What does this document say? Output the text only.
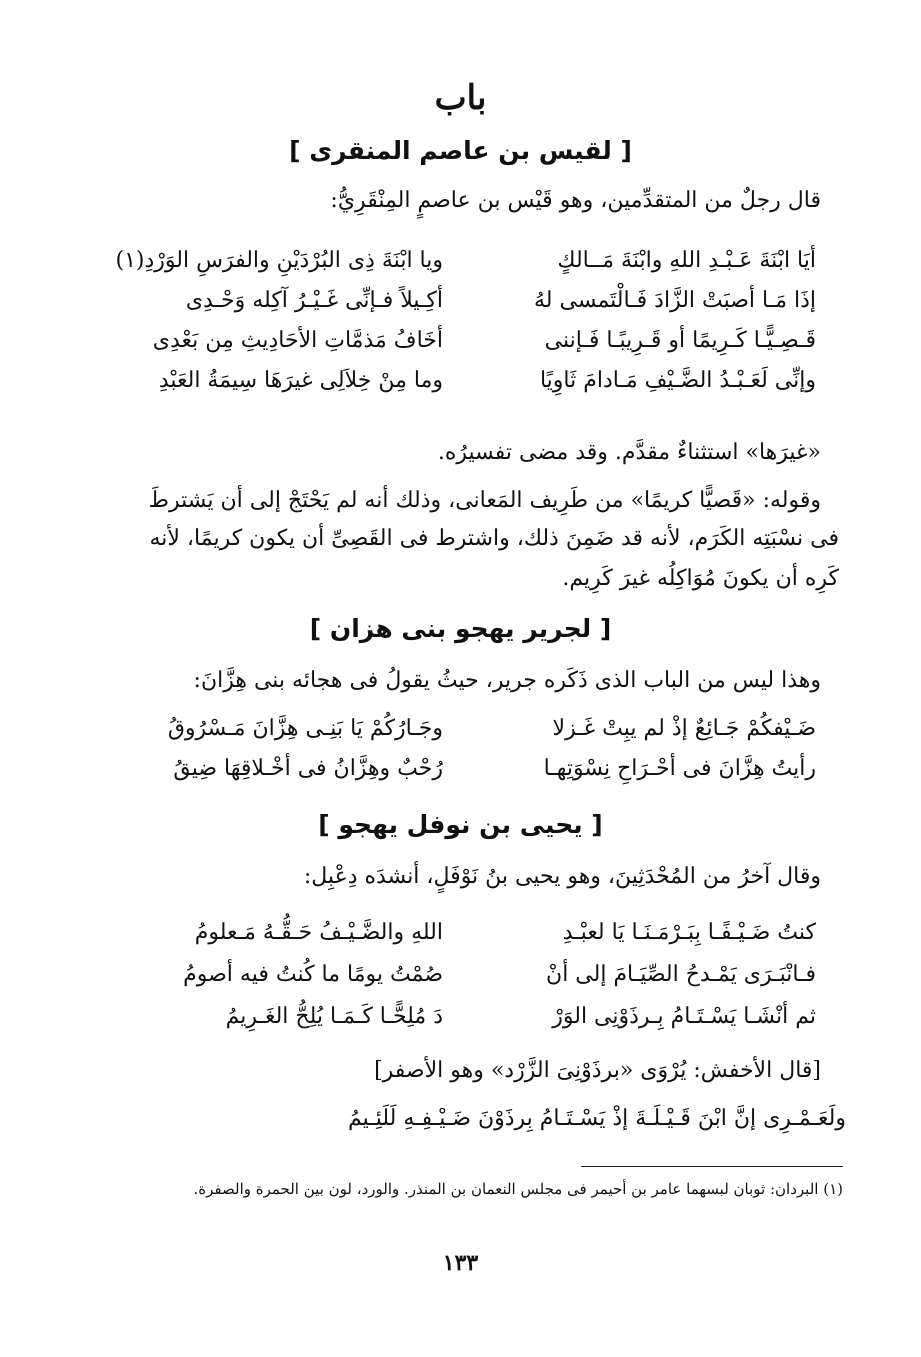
باب
[ لقيس بن عاصم المنقرى ]
قال رجلٌ من المتقدِّمين، وهو قَيْس بن عاصمٍ المِنْقَرِيُّ:
أيَا ابْنَةَ عَـبْـدِ اللهِ وابْنَةَ مَــالكٍ
ويا ابْنَةَ ذِى البُرْدَيْنِ والفرَسِ الوَرْدِ(١)
إذَا مَـا أصبَتْ الزَّادَ فَـالْتَمسى لهُ
أكِـيلاً فـإنِّى غَـيْـرُ آكِله وَحْـدِى
قَـصِـيًّـا كَـرِيمًا أو قَـرِيبًـا فَـإننى
أخَافُ مَذمَّاتِ الأحَادِيثِ مِن بَعْدِى
وإنِّى لَعَـبْـدُ الضَّـيْفِ مَـادامَ ثَاوِيًا
وما مِنْ خِلاَلِى غيرَهَا سِيمَةُ العَبْدِ
«غيرَها» استثناءٌ مقدَّم. وقد مضى تفسيرُه.
وقوله: «قَصيًّا كريمًا» من طَرِيف المَعانى، وذلك أنه لم يَحْتَجْ إلى أن يَشترطَ
فى نسْبَتِه الكَرَم، لأنه قد ضَمِنَ ذلك، واشترط فى القَصِىِّ أن يكون كريمًا، لأنه
كَرِه أن يكونَ مُوَاكِلُه غيرَ كَرِيم.
[ لجرير يهجو بنى هزان ]
وهذا ليس من الباب الذى ذَكَره جرير، حيثُ يقولُ فى هجائه بنى هِزَّانَ:
ضَـيْفكُمْ جَـائِعٌ إذْ لم يبِتْ غَـزلا
وجَـارُكُمْ يَا بَنِـى هِزَّانَ مَـسْرُوقُ
رأيتُ هِزَّانَ فى أحْـرَاحِ نِسْوَتِهـا
رُحْبٌ وهِزَّانُ فى أخْـلاقِهَا ضِيقُ
[ يحيى بن نوفل يهجو ]
وقال آخرُ من المُحْدَثِينَ، وهو يحيى بنُ نَوْفَلٍ، أنشدَه دِعْبِل:
كنتُ ضَـيْـفًـا بِبَـرْمَـنَـا يَا لعبْـدِ
اللهِ والضَّـيْـفُ حَـقُّـهُ مَـعلومُ
فـانْبَـرَى يَمْـدحُ الصِّيَـامَ إلى أنْ
صُمْتُ يومًا ما كُنتُ فيه أصومُ
ثم أنْشَـا يَسْـتَـامُ بِـرذَوْنِى الوَرْ
دَ مُلِحًّـا كَـمَـا يُلِحُّ الغَـرِيمُ
[قال الأخفش: يُرْوَى «برذَوْنِىَ الزَّرْد» وهو الأصفر]
ولَعَـمْـرِى إنَّ ابْنَ قَـيْـلَـةَ إذْ يَسْـتَـامُ بِرذَوْنَ ضَـيْـفِـهِ لَلَئِـيمُ
(١) البردان: ثوبان لبسهما عامر بن أحيمر فى مجلس النعمان بن المنذر. والورد، لون بين الحمرة والصفرة.
١٣٣
